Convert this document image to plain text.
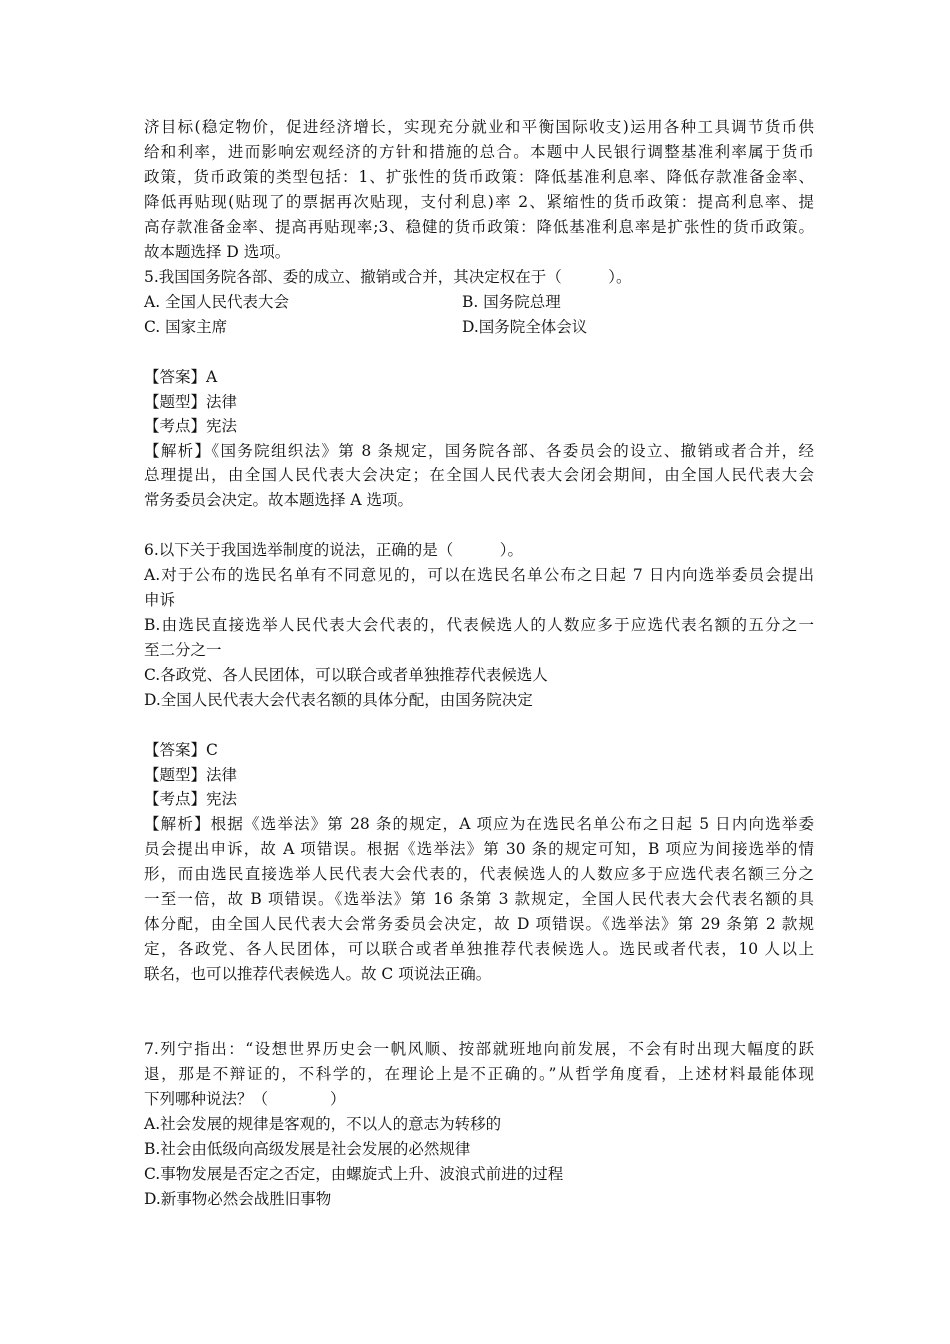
济目标(稳定物价，促进经济增长，实现充分就业和平衡国际收支)运用各种工具调节货币供
给和利率，进而影响宏观经济的方针和措施的总合。本题中人民银行调整基准利率属于货币
政策，货币政策的类型包括：1、扩张性的货币政策：降低基准利息率、降低存款准备金率、
降低再贴现(贴现了的票据再次贴现，支付利息)率 2、紧缩性的货币政策：提高利息率、提
高存款准备金率、提高再贴现率;3、稳健的货币政策：降低基准利息率是扩张性的货币政策。
故本题选择 D 选项。
5.我国国务院各部、委的成立、撤销或合并，其决定权在于（　　　）。
A. 全国人民代表大会	B. 国务院总理
C. 国家主席	D.国务院全体会议
【答案】A
【题型】法律
【考点】宪法
【解析】《国务院组织法》第 8 条规定，国务院各部、各委员会的设立、撤销或者合并，经
总理提出，由全国人民代表大会决定；在全国人民代表大会闭会期间，由全国人民代表大会
常务委员会决定。故本题选择 A 选项。
6.以下关于我国选举制度的说法，正确的是（　　　）。
A.对于公布的选民名单有不同意见的，可以在选民名单公布之日起 7 日内向选举委员会提出
申诉
B.由选民直接选举人民代表大会代表的，代表候选人的人数应多于应选代表名额的五分之一
至二分之一
C.各政党、各人民团体，可以联合或者单独推荐代表候选人
D.全国人民代表大会代表名额的具体分配，由国务院决定
【答案】C
【题型】法律
【考点】宪法
【解析】根据《选举法》第 28 条的规定，A 项应为在选民名单公布之日起 5 日内向选举委
员会提出申诉，故 A 项错误。根据《选举法》第 30 条的规定可知，B 项应为间接选举的情
形，而由选民直接选举人民代表大会代表的，代表候选人的人数应多于应选代表名额三分之
一至一倍，故 B 项错误。《选举法》第 16 条第 3 款规定，全国人民代表大会代表名额的具
体分配，由全国人民代表大会常务委员会决定，故 D 项错误。《选举法》第 29 条第 2 款规
定，各政党、各人民团体，可以联合或者单独推荐代表候选人。选民或者代表，10 人以上
联名，也可以推荐代表候选人。故 C 项说法正确。
7.列宁指出：“设想世界历史会一帆风顺、按部就班地向前发展，不会有时出现大幅度的跃
退，那是不辩证的，不科学的，在理论上是不正确的。”从哲学角度看，上述材料最能体现
下列哪种说法？（　　　　）
A.社会发展的规律是客观的，不以人的意志为转移的
B.社会由低级向高级发展是社会发展的必然规律
C.事物发展是否定之否定，由螺旋式上升、波浪式前进的过程
D.新事物必然会战胜旧事物
